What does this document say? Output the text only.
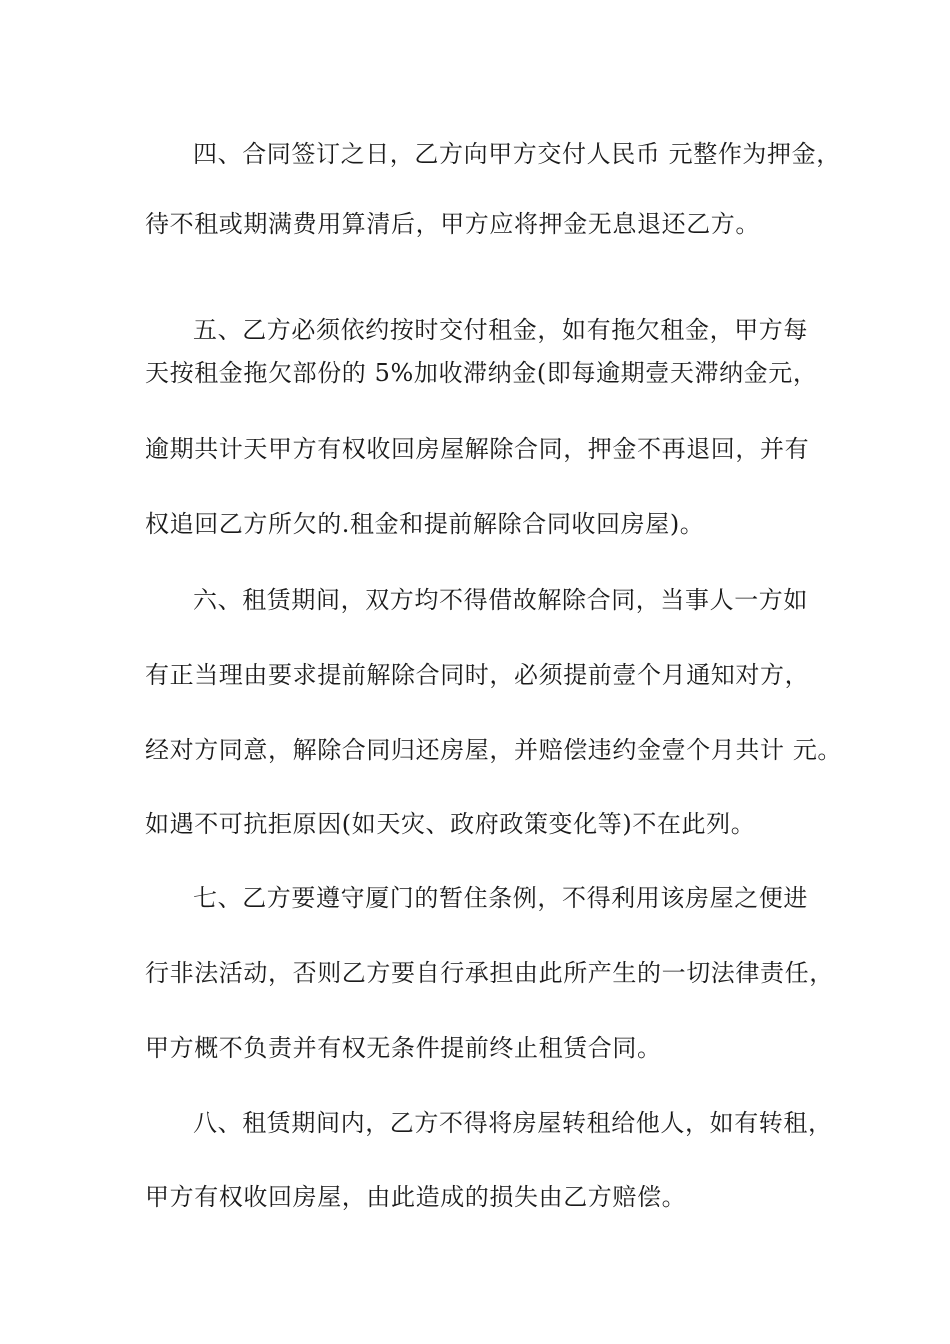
四、合同签订之日，乙方向甲方交付人民币 元整作为押金，
待不租或期满费用算清后，甲方应将押金无息退还乙方。
五、乙方必须依约按时交付租金，如有拖欠租金，甲方每
天按租金拖欠部份的 5%加收滞纳金(即每逾期壹天滞纳金元，
逾期共计天甲方有权收回房屋解除合同，押金不再退回，并有
权追回乙方所欠的.租金和提前解除合同收回房屋)。
六、租赁期间，双方均不得借故解除合同，当事人一方如
有正当理由要求提前解除合同时，必须提前壹个月通知对方，
经对方同意，解除合同归还房屋，并赔偿违约金壹个月共计 元。
如遇不可抗拒原因(如天灾、政府政策变化等)不在此列。
七、乙方要遵守厦门的暂住条例，不得利用该房屋之便进
行非法活动，否则乙方要自行承担由此所产生的一切法律责任，
甲方概不负责并有权无条件提前终止租赁合同。
八、租赁期间内，乙方不得将房屋转租给他人，如有转租，
甲方有权收回房屋，由此造成的损失由乙方赔偿。
